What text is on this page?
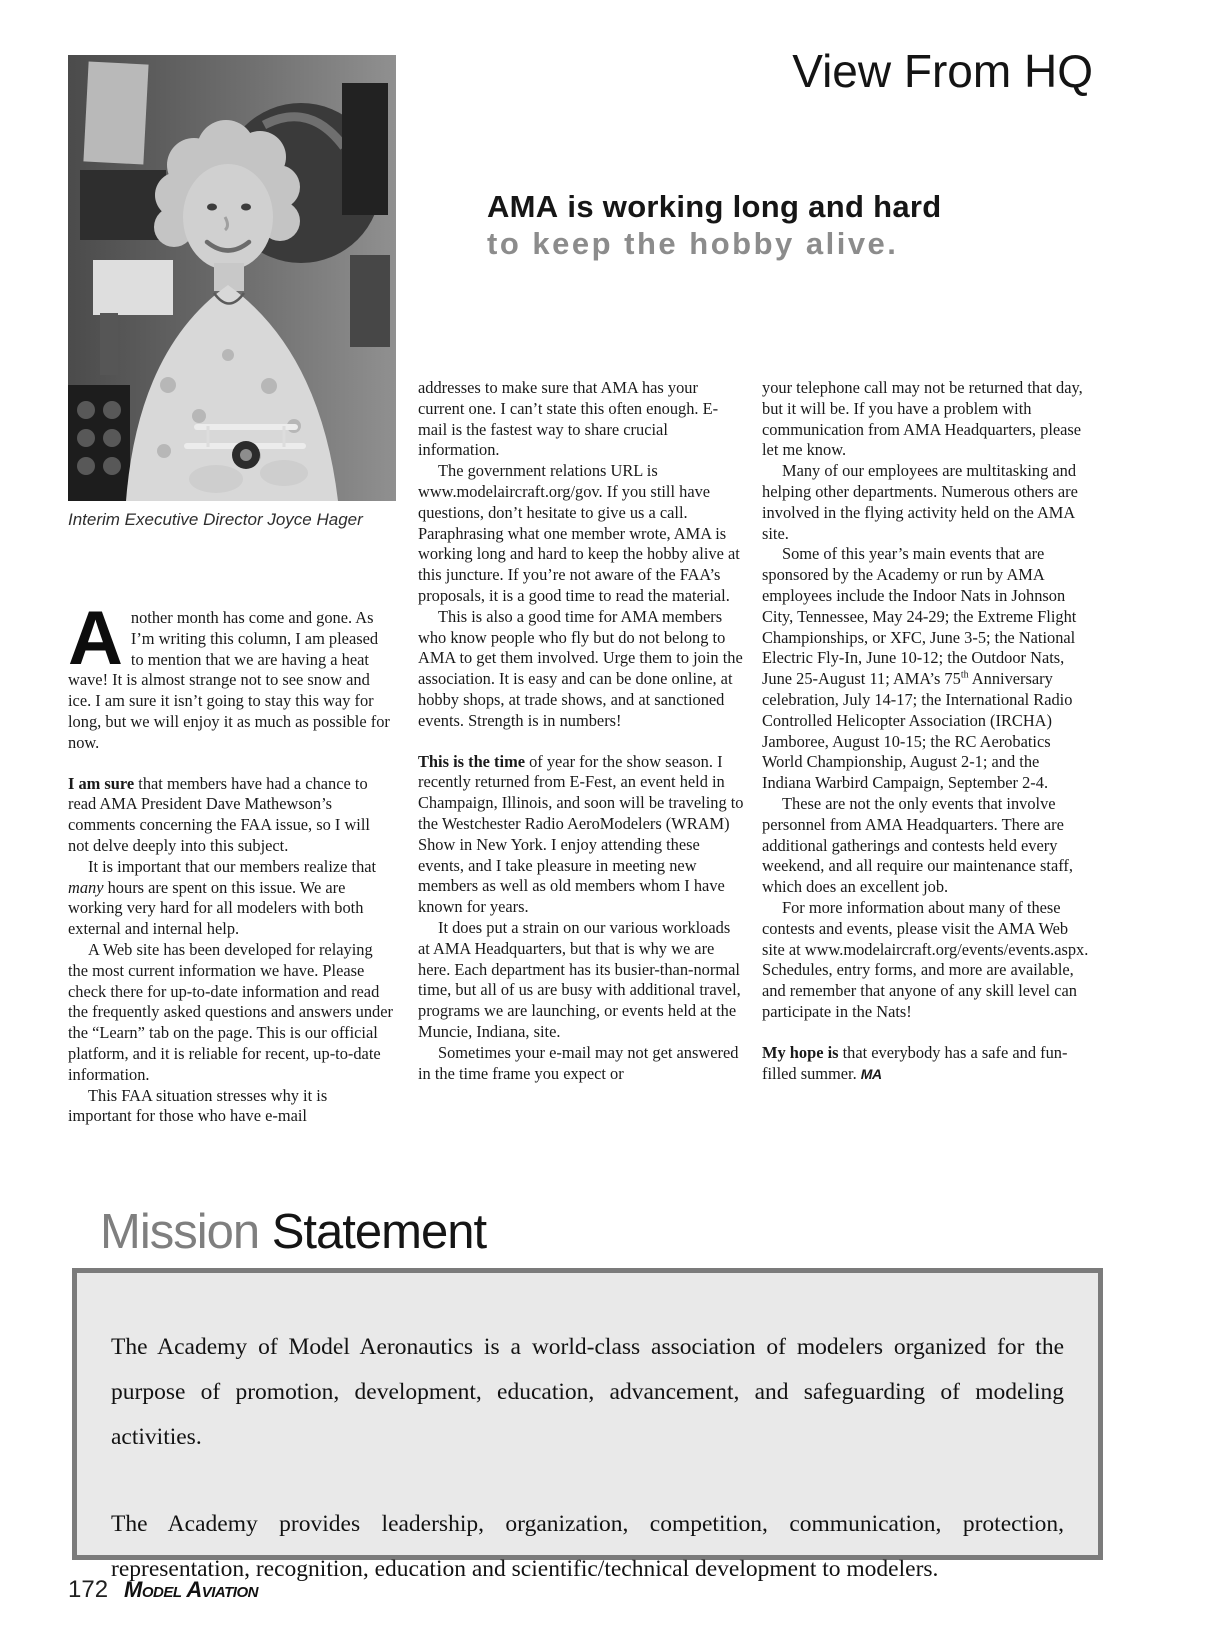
View From HQ
Interim Executive Director Joyce Hager
AMA is working long and hard
to keep the hobby alive.

Another month has come and gone. As I’m writing this column, I am pleased to mention that we are having a heat wave! It is almost strange not to see snow and ice. I am sure it isn’t going to stay this way for long, but we will enjoy it as much as possible for now.

I am sure that members have had a chance to read AMA President Dave Mathewson’s comments concerning the FAA issue, so I will not delve deeply into this subject.

It is important that our members realize that many hours are spent on this issue. We are working very hard for all modelers with both external and internal help.

A Web site has been developed for relaying the most current information we have. Please check there for up-to-date information and read the frequently asked questions and answers under the “Learn” tab on the page. This is our official platform, and it is reliable for recent, up-to-date information.

This FAA situation stresses why it is important for those who have e-mail

addresses to make sure that AMA has your current one. I can’t state this often enough. E-mail is the fastest way to share crucial information.

The government relations URL is www.modelaircraft.org/gov. If you still have questions, don’t hesitate to give us a call. Paraphrasing what one member wrote, AMA is working long and hard to keep the hobby alive at this juncture. If you’re not aware of the FAA’s proposals, it is a good time to read the material.

This is also a good time for AMA members who know people who fly but do not belong to AMA to get them involved. Urge them to join the association. It is easy and can be done online, at hobby shops, at trade shows, and at sanctioned events. Strength is in numbers!

This is the time of year for the show season. I recently returned from E-Fest, an event held in Champaign, Illinois, and soon will be traveling to the Westchester Radio AeroModelers (WRAM) Show in New York. I enjoy attending these events, and I take pleasure in meeting new members as well as old members whom I have known for years.

It does put a strain on our various workloads at AMA Headquarters, but that is why we are here. Each department has its busier-than-normal time, but all of us are busy with additional travel, programs we are launching, or events held at the Muncie, Indiana, site.

Sometimes your e-mail may not get answered in the time frame you expect or

your telephone call may not be returned that day, but it will be. If you have a problem with communication from AMA Headquarters, please let me know.

Many of our employees are multitasking and helping other departments. Numerous others are involved in the flying activity held on the AMA site.

Some of this year’s main events that are sponsored by the Academy or run by AMA employees include the Indoor Nats in Johnson City, Tennessee, May 24-29; the Extreme Flight Championships, or XFC, June 3-5; the National Electric Fly-In, June 10-12; the Outdoor Nats, June 25-August 11; AMA’s 75th Anniversary celebration, July 14-17; the International Radio Controlled Helicopter Association (IRCHA) Jamboree, August 10-15; the RC Aerobatics World Championship, August 2-1; and the Indiana Warbird Campaign, September 2-4.

These are not the only events that involve personnel from AMA Headquarters. There are additional gatherings and contests held every weekend, and all require our maintenance staff, which does an excellent job.

For more information about many of these contests and events, please visit the AMA Web site at www.modelaircraft.org/events/events.aspx. Schedules, entry forms, and more are available, and remember that anyone of any skill level can participate in the Nats!

My hope is that everybody has a safe and fun-filled summer. MA

Mission Statement

The Academy of Model Aeronautics is a world-class association of modelers organized for the purpose of promotion, development, education, advancement, and safeguarding of modeling activities.

The Academy provides leadership, organization, competition, communication, protection, representation, recognition, education and scientific/technical development to modelers.

172 Model Aviation
